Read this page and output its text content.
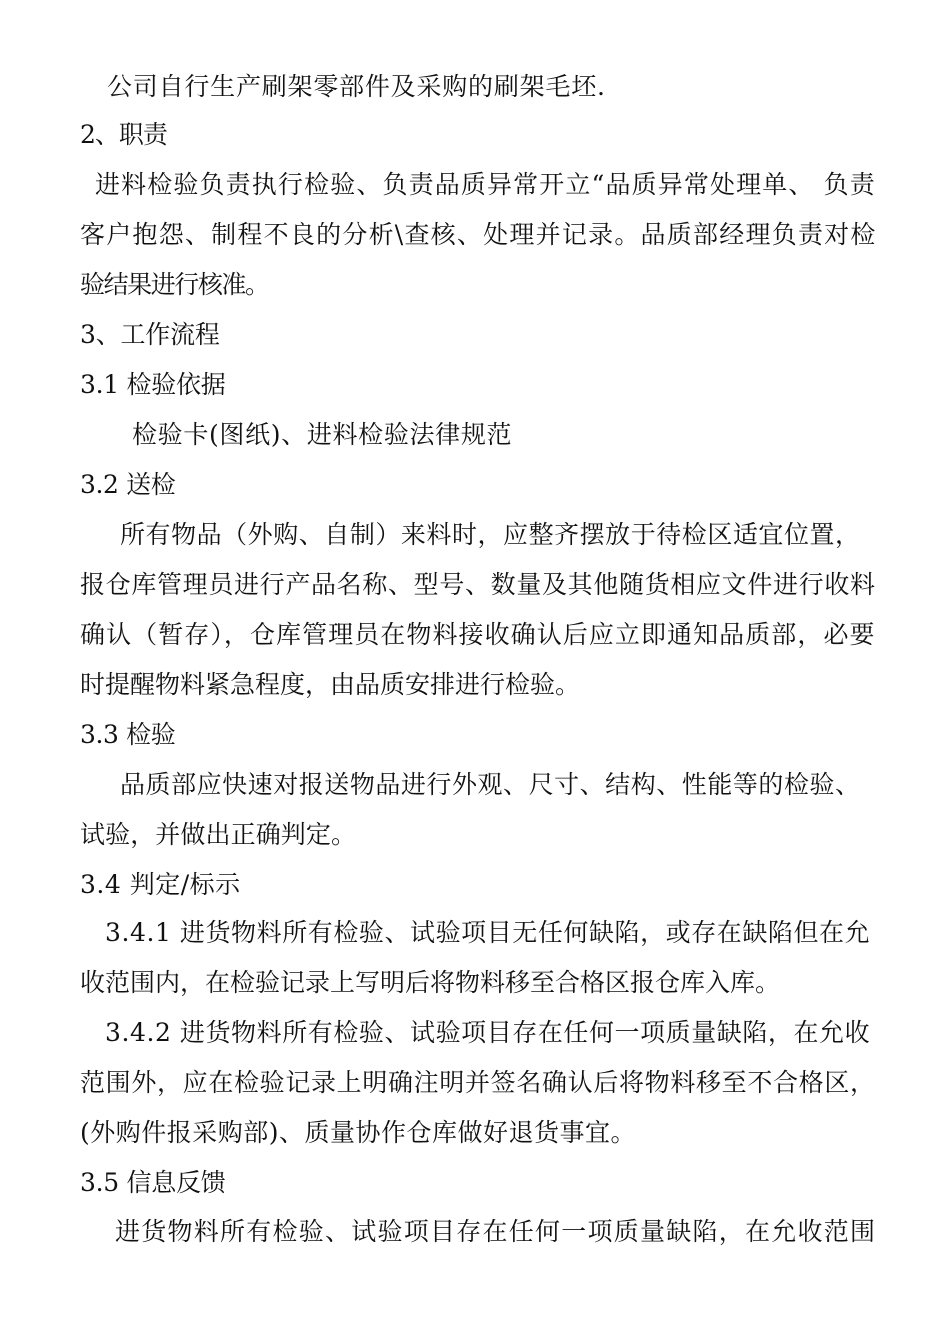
公司自行生产刷架零部件及采购的刷架毛坯.
2、职责
进料检验负责执行检验、负责品质异常开立“品质异常处理单、 负责
客户抱怨、制程不良的分析\查核、处理并记录。品质部经理负责对检
验结果进行核准。
3、工作流程
3.1 检验依据
检验卡(图纸)、进料检验法律规范
3.2 送检
所有物品（外购、自制）来料时，应整齐摆放于待检区适宜位置，
报仓库管理员进行产品名称、型号、数量及其他随货相应文件进行收料
确认（暂存），仓库管理员在物料接收确认后应立即通知品质部，必要
时提醒物料紧急程度，由品质安排进行检验。
3.3 检验
品质部应快速对报送物品进行外观、尺寸、结构、性能等的检验、
试验，并做出正确判定。
3.4 判定/标示
3.4.1 进货物料所有检验、试验项目无任何缺陷，或存在缺陷但在允
收范围内，在检验记录上写明后将物料移至合格区报仓库入库。
3.4.2 进货物料所有检验、试验项目存在任何一项质量缺陷，在允收
范围外，应在检验记录上明确注明并签名确认后将物料移至不合格区，
(外购件报采购部)、质量协作仓库做好退货事宜。
3.5 信息反馈
进货物料所有检验、试验项目存在任何一项质量缺陷，在允收范围
